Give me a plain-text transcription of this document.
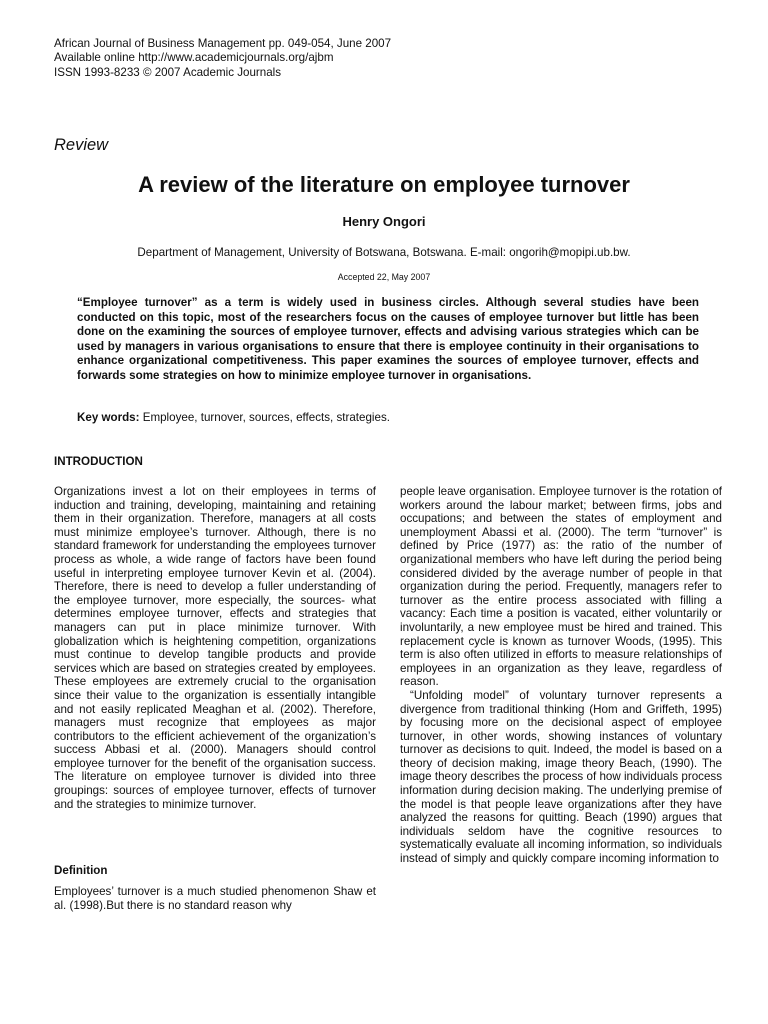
African Journal of Business Management pp. 049-054, June 2007
Available online http://www.academicjournals.org/ajbm
ISSN 1993-8233 © 2007 Academic Journals
Review
A review of the literature on employee turnover
Henry Ongori
Department of Management, University of Botswana, Botswana. E-mail: ongorih@mopipi.ub.bw.
Accepted 22, May 2007

“Employee turnover” as a term is widely used in business circles. Although several studies have been conducted on this topic, most of the researchers focus on the causes of employee turnover but little has been done on the examining the sources of employee turnover, effects and advising various strategies which can be used by managers in various organisations to ensure that there is employee continuity in their organisations to enhance organizational competitiveness. This paper examines the sources of employee turnover, effects and forwards some strategies on how to minimize employee turnover in organisations.

Key words: Employee, turnover, sources, effects, strategies.
INTRODUCTION

Organizations invest a lot on their employees in terms of induction and training, developing, maintaining and retaining them in their organization. Therefore, managers at all costs must minimize employee’s turnover. Although, there is no standard framework for understanding the employees turnover process as whole, a wide range of factors have been found useful in interpreting employee turnover Kevin et al. (2004). Therefore, there is need to develop a fuller understanding of the employee turnover, more especially, the sources- what determines employee turnover, effects and strategies that managers can put in place minimize turnover. With globalization which is heightening competition, organizations must continue to develop tangible products and provide services which are based on strategies created by employees. These employees are extremely crucial to the organisation since their value to the organization is essentially intangible and not easily replicated Meaghan et al. (2002). Therefore, managers must recognize that employees as major contributors to the efficient achievement of the organization’s success Abbasi et al. (2000). Managers should control employee turnover for the benefit of the organisation success. The literature on employee turnover is divided into three groupings: sources of employee turnover, effects of turnover and the strategies to minimize turnover.

Definition

Employees’ turnover is a much studied phenomenon Shaw et al. (1998).But there is no standard reason why

people leave organisation. Employee turnover is the rotation of workers around the labour market; between firms, jobs and occupations; and between the states of employment and unemployment Abassi et al. (2000). The term “turnover” is defined by Price (1977) as: the ratio of the number of organizational members who have left during the period being considered divided by the average number of people in that organization during the period. Frequently, managers refer to turnover as the entire process associated with filling a vacancy: Each time a position is vacated, either voluntarily or involuntarily, a new employee must be hired and trained. This replacement cycle is known as turnover Woods, (1995). This term is also often utilized in efforts to measure relationships of employees in an organization as they leave, regardless of reason.

“Unfolding model” of voluntary turnover represents a divergence from traditional thinking (Hom and Griffeth, 1995) by focusing more on the decisional aspect of employee turnover, in other words, showing instances of voluntary turnover as decisions to quit. Indeed, the model is based on a theory of decision making, image theory Beach, (1990). The image theory describes the process of how individuals process information during decision making. The underlying premise of the model is that people leave organizations after they have analyzed the reasons for quitting. Beach (1990) argues that individuals seldom have the cognitive resources to systematically evaluate all incoming information, so individuals instead of simply and quickly compare incoming information to
